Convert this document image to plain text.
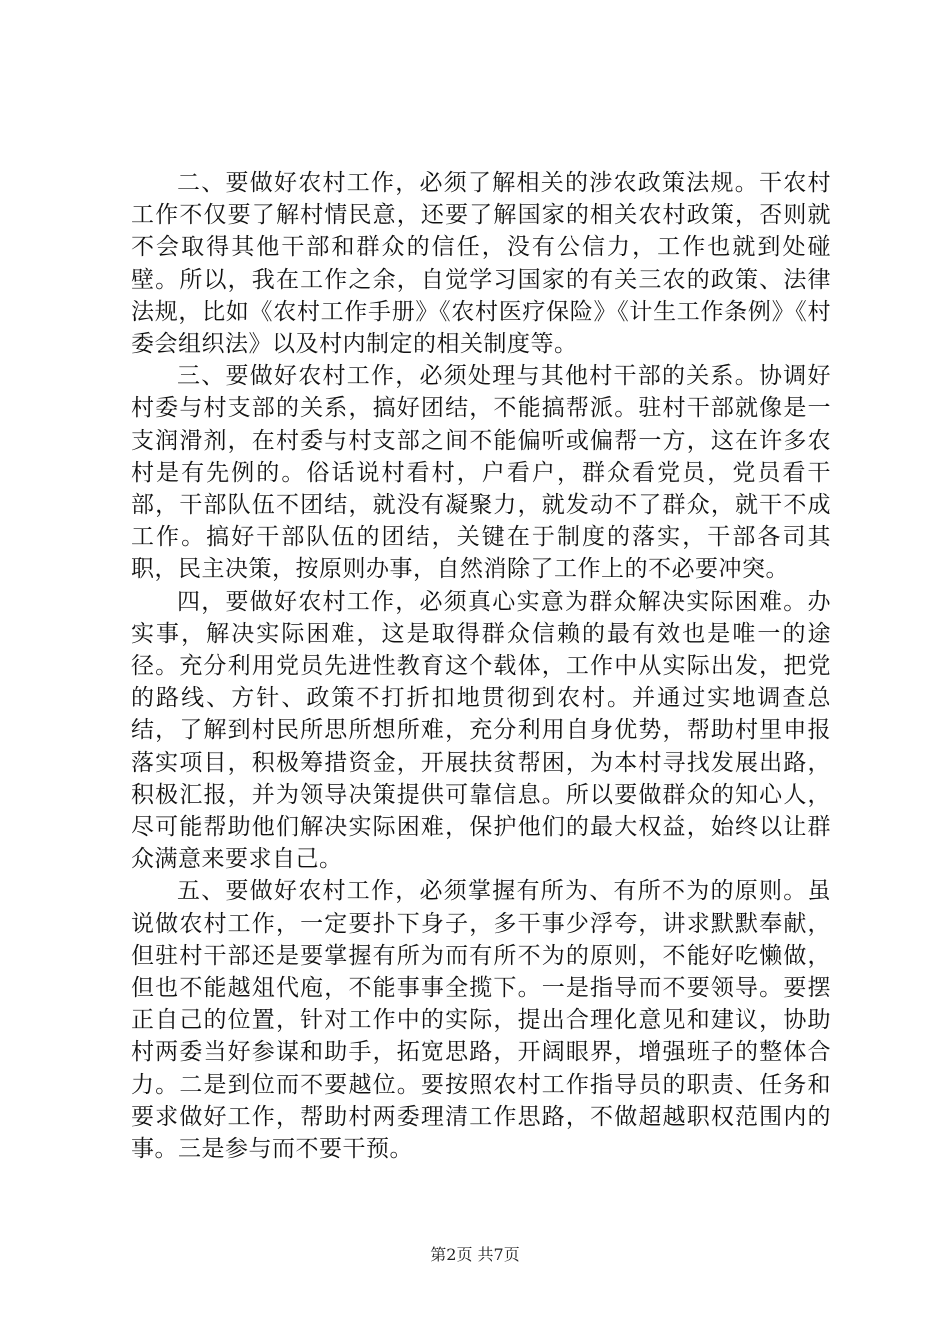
二、要做好农村工作，必须了解相关的涉农政策法规。干农村工作不仅要了解村情民意，还要了解国家的相关农村政策，否则就不会取得其他干部和群众的信任，没有公信力，工作也就到处碰壁。所以，我在工作之余，自觉学习国家的有关三农的政策、法律法规，比如《农村工作手册》《农村医疗保险》《计生工作条例》《村委会组织法》以及村内制定的相关制度等。

三、要做好农村工作，必须处理与其他村干部的关系。协调好村委与村支部的关系，搞好团结，不能搞帮派。驻村干部就像是一支润滑剂，在村委与村支部之间不能偏听或偏帮一方，这在许多农村是有先例的。俗话说村看村，户看户，群众看党员，党员看干部，干部队伍不团结，就没有凝聚力，就发动不了群众，就干不成工作。搞好干部队伍的团结，关键在于制度的落实，干部各司其职，民主决策，按原则办事，自然消除了工作上的不必要冲突。

四，要做好农村工作，必须真心实意为群众解决实际困难。办实事，解决实际困难，这是取得群众信赖的最有效也是唯一的途径。充分利用党员先进性教育这个载体，工作中从实际出发，把党的路线、方针、政策不打折扣地贯彻到农村。并通过实地调查总结，了解到村民所思所想所难，充分利用自身优势，帮助村里申报落实项目，积极筹措资金，开展扶贫帮困，为本村寻找发展出路，积极汇报，并为领导决策提供可靠信息。所以要做群众的知心人，尽可能帮助他们解决实际困难，保护他们的最大权益，始终以让群众满意来要求自己。

五、要做好农村工作，必须掌握有所为、有所不为的原则。虽说做农村工作，一定要扑下身子，多干事少浮夸，讲求默默奉献，但驻村干部还是要掌握有所为而有所不为的原则，不能好吃懒做，但也不能越俎代庖，不能事事全揽下。一是指导而不要领导。要摆正自己的位置，针对工作中的实际，提出合理化意见和建议，协助村两委当好参谋和助手，拓宽思路，开阔眼界，增强班子的整体合力。二是到位而不要越位。要按照农村工作指导员的职责、任务和要求做好工作，帮助村两委理清工作思路，不做超越职权范围内的事。三是参与而不要干预。

第2页 共7页
